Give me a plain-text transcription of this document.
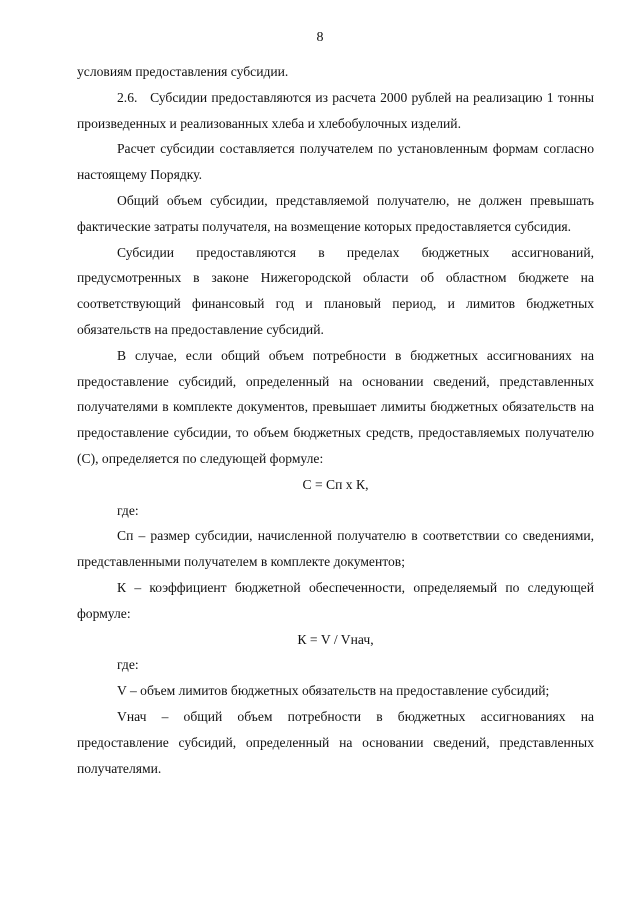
8

условиям предоставления субсидии.

2.6.   Субсидии предоставляются из расчета 2000 рублей на реализацию 1 тонны произведенных и реализованных хлеба и хлебобулочных изделий.

Расчет субсидии составляется получателем по установленным формам согласно настоящему Порядку.

Общий объем субсидии, представляемой получателю, не должен превышать фактические затраты получателя, на возмещение которых предоставляется субсидия.

Субсидии предоставляются в пределах бюджетных ассигнований, предусмотренных в законе Нижегородской области об областном бюджете на соответствующий финансовый год и плановый период, и лимитов бюджетных обязательств на предоставление субсидий.

В случае, если общий объем потребности в бюджетных ассигнованиях на предоставление субсидий, определенный на основании сведений, представленных получателями в комплекте документов, превышает лимиты бюджетных обязательств на предоставление субсидии, то объем бюджетных средств, предоставляемых получателю (С), определяется по следующей формуле:

С = Сп х К,

где:

Сп – размер субсидии, начисленной получателю в соответствии со сведениями, представленными получателем в комплекте документов;

К – коэффициент бюджетной обеспеченности, определяемый по следующей формуле:

К = V / Vнач,

где:

V – объем лимитов бюджетных обязательств на предоставление субсидий;

Vнач – общий объем потребности в бюджетных ассигнованиях на предоставление субсидий, определенный на основании сведений, представленных получателями.
